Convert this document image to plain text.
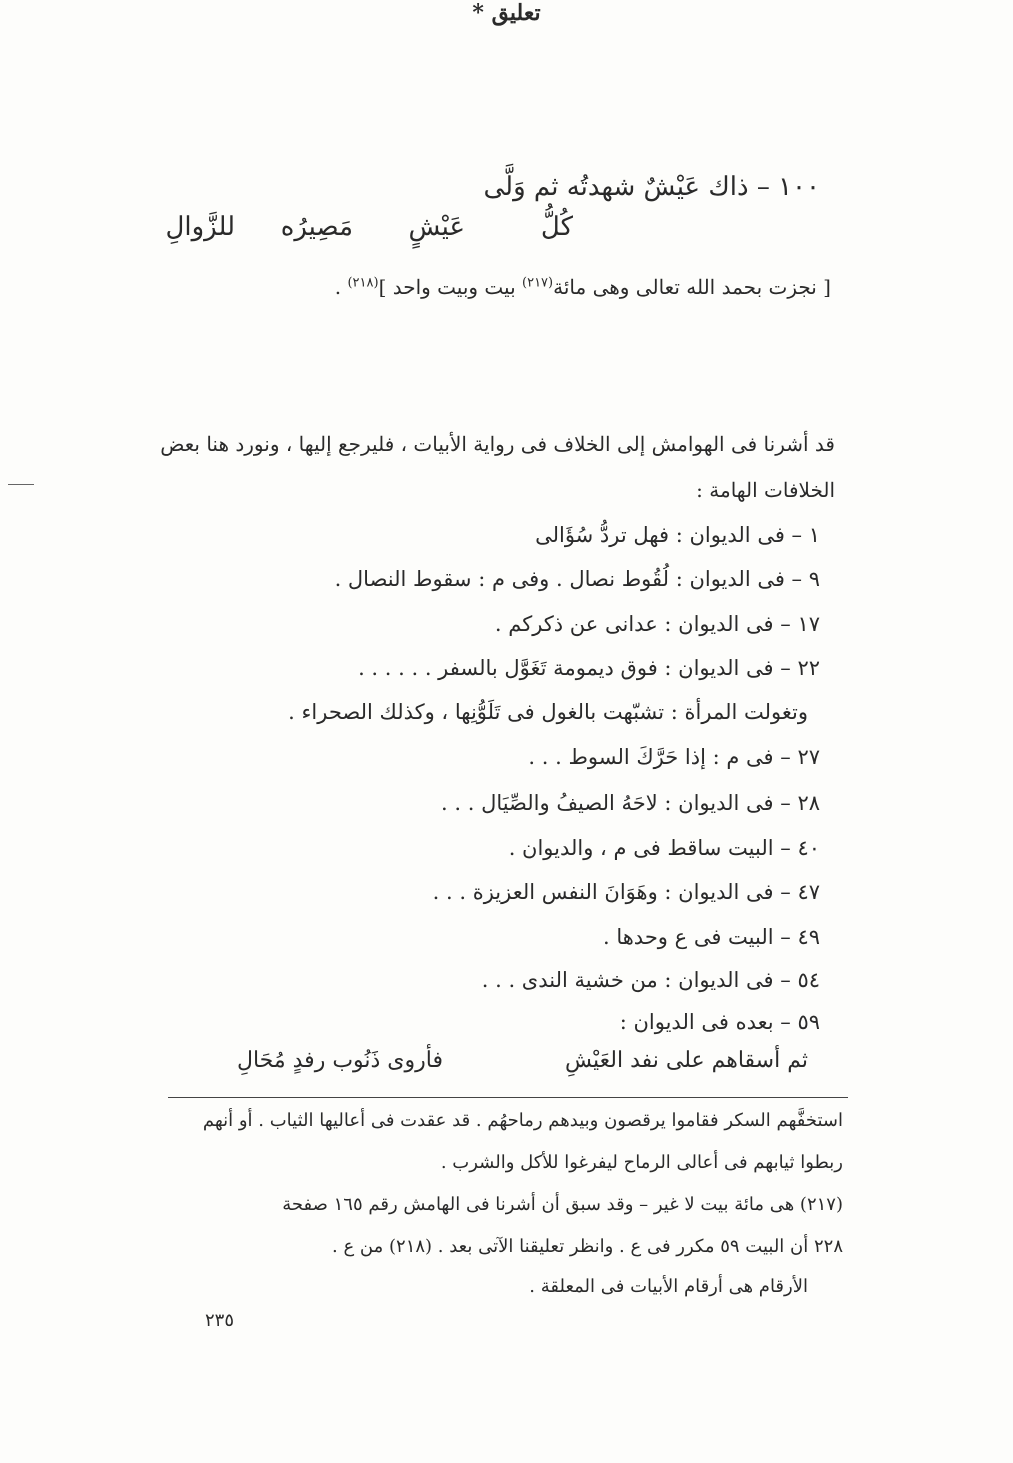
١٠٠ – ذاك عَيْشٌ شهدتُه ثم وَلَّى
كُلُّ
عَيْشٍ
مَصِيرُه
للزَّوالِ
[ نجزت بحمد الله تعالى وهى مائة$^{(٢١٧)}$ بيت وبيت واحد ]$^{(٢١٨)}$ .
تعليق *
قد أشرنا فى الهوامش إلى الخلاف فى رواية الأبيات ، فليرجع إليها ، ونورد هنا بعض
الخلافات الهامة :
١ – فى الديوان : فهل تردُّ سُؤَالى
٩ – فى الديوان : لُقُوط نصال . وفى م : سقوط النصال .
١٧ – فى الديوان : عدانى عن ذكركم .
٢٢ – فى الديوان : فوق ديمومة تَغَوَّل بالسفر . . . . . .
وتغولت المرأة : تشبّهت بالغول فى تَلَوُّنِها ، وكذلك الصحراء .
٢٧ – فى م : إذا حَرَّكَ السوط . . .
٢٨ – فى الديوان : لاحَهُ الصيفُ والصِّيَال . . .
٤٠ – البيت ساقط فى م ، والديوان .
٤٧ – فى الديوان : وهَوَانَ النفس العزيزة . . .
٤٩ – البيت فى ع وحدها .
٥٤ – فى الديوان : من خشية الندى . . .
٥٩ – بعده فى الديوان :
ثم أسقاهم على نفد العَيْشِ
فأروى ذَنُوب رفدٍ مُحَالِ
استخفَّهم السكر فقاموا يرقصون وبيدهم رماحهُم . قد عقدت فى أعاليها الثياب . أو أنهم
ربطوا ثيابهم فى أعالى الرماح ليفرغوا للأكل والشرب .
(٢١٧) هى مائة بيت لا غير – وقد سبق أن أشرنا فى الهامش رقم ١٦٥ صفحة
٢٢٨ أن البيت ٥٩ مكرر فى ع . وانظر تعليقنا الآتى بعد . (٢١٨) من ع .
الأرقام هى أرقام الأبيات فى المعلقة .
٢٣٥
